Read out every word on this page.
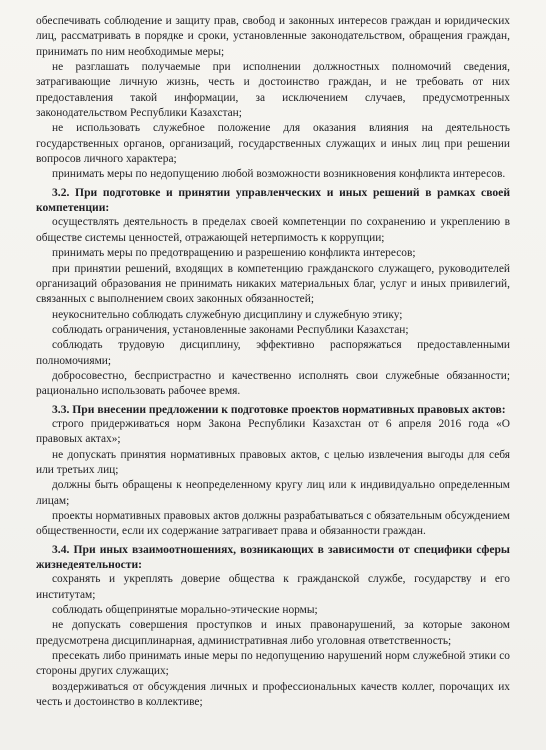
обеспечивать соблюдение и защиту прав, свобод и законных интересов граждан и юридических лиц, рассматривать в порядке и сроки, установленные законодательством, обращения граждан, принимать по ним необходимые меры;

не разглашать получаемые при исполнении должностных полномочий сведения, затрагивающие личную жизнь, честь и достоинство граждан, и не требовать от них предоставления такой информации, за исключением случаев, предусмотренных законодательством Республики Казахстан;

не использовать служебное положение для оказания влияния на деятельность государственных органов, организаций, государственных служащих и иных лиц при решении вопросов личного характера;

принимать меры по недопущению любой возможности возникновения конфликта интересов.

3.2. При подготовке и принятии управленческих и иных решений в рамках своей компетенции:

осуществлять деятельность в пределах своей компетенции по сохранению и укреплению в обществе системы ценностей, отражающей нетерпимость к коррупции;

принимать меры по предотвращению и разрешению конфликта интересов;

при принятии решений, входящих в компетенцию гражданского служащего, руководителей организаций образования не принимать никаких материальных благ, услуг и иных привилегий, связанных с выполнением своих законных обязанностей;

неукоснительно соблюдать служебную дисциплину и служебную этику;

соблюдать ограничения, установленные законами Республики Казахстан;

соблюдать трудовую дисциплину, эффективно распоряжаться предоставленными полномочиями;

добросовестно, беспристрастно и качественно исполнять свои служебные обязанности; рационально использовать рабочее время.

3.3. При внесении предложении к подготовке проектов нормативных правовых актов:

строго придерживаться норм Закона Республики Казахстан от 6 апреля 2016 года «О правовых актах»;

не допускать принятия нормативных правовых актов, с целью извлечения выгоды для себя или третьих лиц;

должны быть обращены к неопределенному кругу лиц или к индивидуально определенным лицам;

проекты нормативных правовых актов должны разрабатываться с обязательным обсуждением общественности, если их содержание затрагивает права и обязанности граждан.

3.4. При иных взаимоотношениях, возникающих в зависимости от специфики сферы жизнедеятельности:

сохранять и укреплять доверие общества к гражданской службе, государству и его институтам;

соблюдать общепринятые морально-этические нормы;

не допускать совершения проступков и иных правонарушений, за которые законом предусмотрена дисциплинарная, административная либо уголовная ответственность;

пресекать либо принимать иные меры по недопущению нарушений норм служебной этики со стороны других служащих;

воздерживаться от обсуждения личных и профессиональных качеств коллег, порочащих их честь и достоинство в коллективе;
